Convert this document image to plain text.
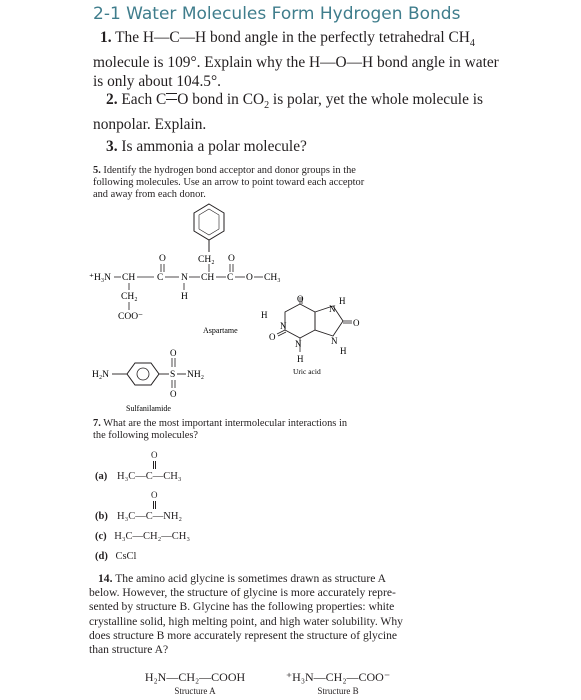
2-1 Water Molecules Form Hydrogen Bonds
1. The H—C—H bond angle in the perfectly tetrahedral $CH_4$
molecule is 109°. Explain why the H—O—H bond angle in water
is only about 104.5°.
2. Each C O bond in $CO_2$ is polar, yet the whole molecule is
nonpolar. Explain.
3. Is ammonia a polar molecule?
5. Identify the hydrogen bond acceptor and donor groups in the
following molecules. Use an arrow to point toward each acceptor
and away from each donor.
CH₂
O	O
⁺H₃N CH C N CH C O CH₃
CH₂	H
COO⁻
Aspartame
O	H
N
H
N	O
O
N	N
H
H
Uric acid
H₂N	S NH₂
O
O
Sulfanilamide
7. What are the most important intermolecular interactions in
the following molecules?
O
(a) H₃C—C—CH₃
O
(b) H₃C—C—NH₂
(c) H₃C—CH₂—CH₃
(d) CsCl
14. The amino acid glycine is sometimes drawn as structure A
below. However, the structure of glycine is more accurately repre-
sented by structure B. Glycine has the following properties: white
crystalline solid, high melting point, and high water solubility. Why
does structure B more accurately represent the structure of glycine
than structure A?
H₂N—CH₂—COOH
Structure A
⁺H₃N—CH₂—COO⁻
Structure B
